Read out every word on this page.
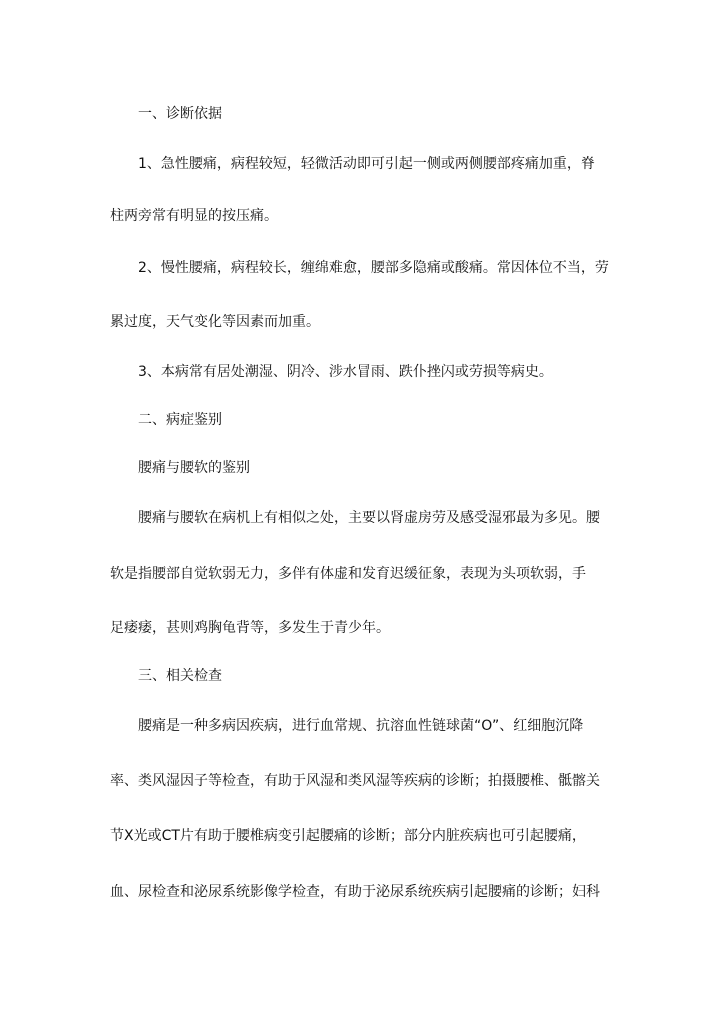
一、诊断依据
1、急性腰痛，病程较短，轻微活动即可引起一侧或两侧腰部疼痛加重，脊
柱两旁常有明显的按压痛。
2、慢性腰痛，病程较长，缠绵难愈，腰部多隐痛或酸痛。常因体位不当，劳
累过度，天气变化等因素而加重。
3、本病常有居处潮湿、阴冷、涉水冒雨、跌仆挫闪或劳损等病史。
二、病症鉴别
腰痛与腰软的鉴别
腰痛与腰软在病机上有相似之处，主要以肾虚房劳及感受湿邪最为多见。腰
软是指腰部自觉软弱无力，多伴有体虚和发育迟缓征象，表现为头项软弱，手
足痿痿，甚则鸡胸龟背等，多发生于青少年。
三、相关检查
腰痛是一种多病因疾病，进行血常规、抗溶血性链球菌“O”、红细胞沉降
率、类风湿因子等检查，有助于风湿和类风湿等疾病的诊断；拍摄腰椎、骶髂关
节X光或CT片有助于腰椎病变引起腰痛的诊断；部分内脏疾病也可引起腰痛，
血、尿检查和泌尿系统影像学检查，有助于泌尿系统疾病引起腰痛的诊断；妇科
